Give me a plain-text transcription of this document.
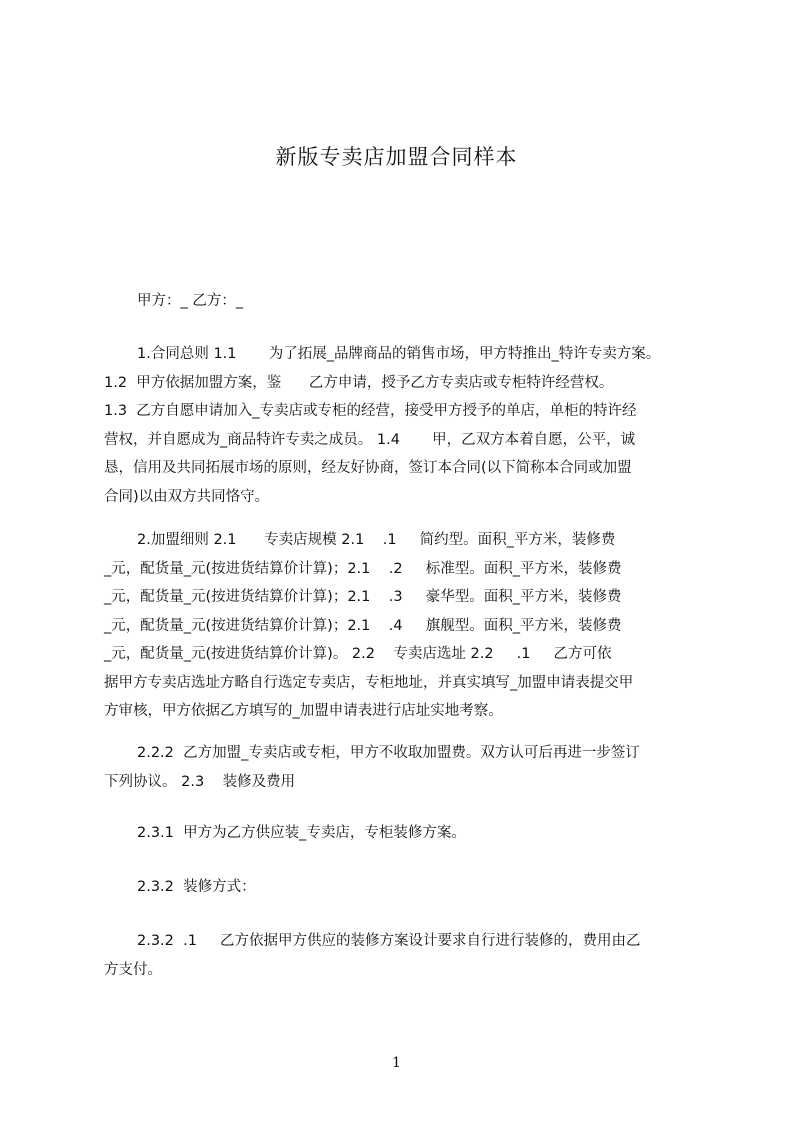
新版专卖店加盟合同样本
甲方：_ 乙方：_
1.合同总则 1.1       为了拓展_品牌商品的销售市场，甲方特推出_特许专卖方案。
1.2  甲方依据加盟方案，鉴      乙方申请，授予乙方专卖店或专柜特许经营权。
1.3  乙方自愿申请加入_专卖店或专柜的经营，接受甲方授予的单店，单柜的特许经
营权，并自愿成为_商品特许专卖之成员。 1.4       甲，乙双方本着自愿，公平，诚
恳，信用及共同拓展市场的原则，经友好协商，签订本合同(以下简称本合同或加盟
合同)以由双方共同恪守。
2.加盟细则 2.1      专卖店规模 2.1    .1     简约型。面积_平方米，装修费
_元，配货量_元(按进货结算价计算)；2.1    .2     标准型。面积_平方米，装修费
_元，配货量_元(按进货结算价计算)；2.1    .3     豪华型。面积_平方米，装修费
_元，配货量_元(按进货结算价计算)；2.1    .4     旗舰型。面积_平方米，装修费
_元，配货量_元(按进货结算价计算)。 2.2    专卖店选址 2.2     .1     乙方可依
据甲方专卖店选址方略自行选定专卖店，专柜地址，并真实填写_加盟申请表提交甲
方审核，甲方依据乙方填写的_加盟申请表进行店址实地考察。
2.2.2  乙方加盟_专卖店或专柜，甲方不收取加盟费。双方认可后再进一步签订
下列协议。 2.3    装修及费用
2.3.1  甲方为乙方供应装_专卖店，专柜装修方案。
2.3.2  装修方式：
2.3.2  .1     乙方依据甲方供应的装修方案设计要求自行进行装修的，费用由乙
方支付。
1
